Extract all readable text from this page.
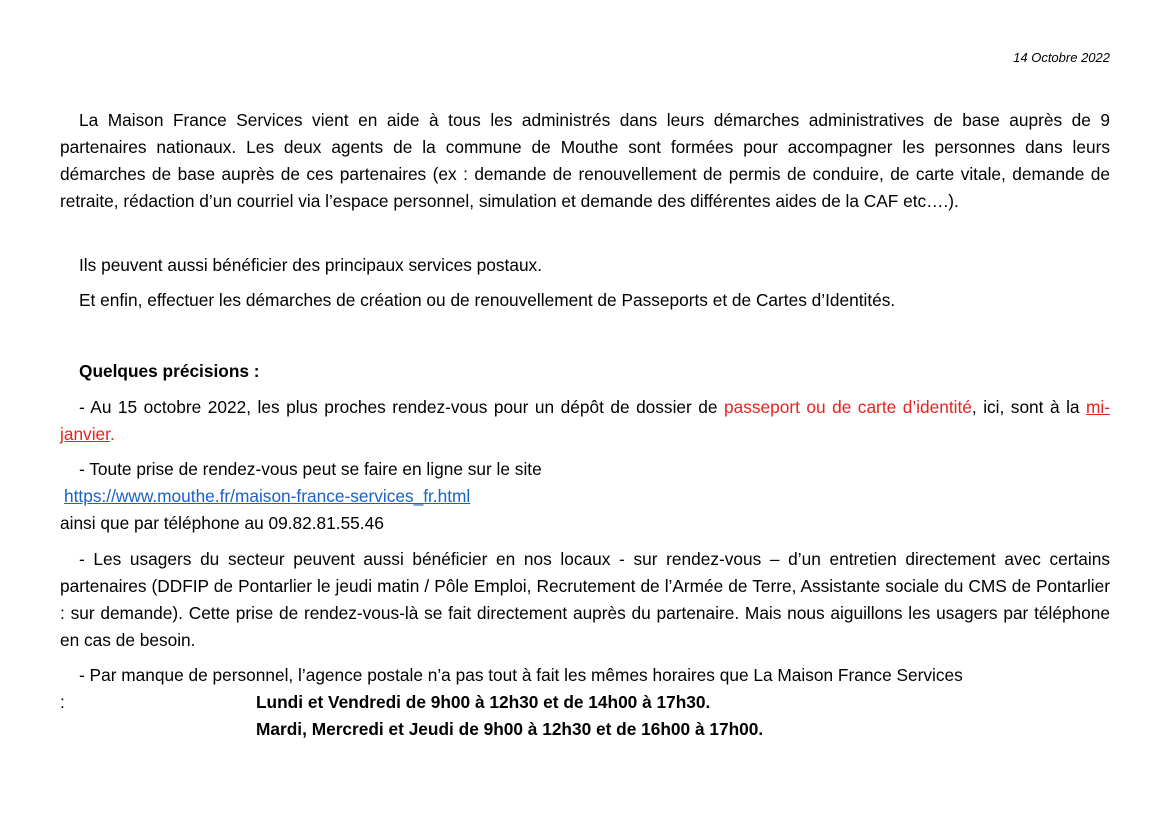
14 Octobre 2022

La Maison France Services vient en aide à tous les administrés dans leurs démarches administratives de base auprès de 9 partenaires nationaux. Les deux agents de la commune de Mouthe sont formées pour accompagner les personnes dans leurs démarches de base auprès de ces partenaires (ex : demande de renouvellement de permis de conduire, de carte vitale, demande de retraite, rédaction d’un courriel via l’espace personnel, simulation et demande des différentes aides de la CAF etc….).

Ils peuvent aussi bénéficier des principaux services postaux.

Et enfin, effectuer les démarches de création ou de renouvellement de Passeports et de Cartes d’Identités.

Quelques précisions :

- Au 15 octobre 2022, les plus proches rendez-vous pour un dépôt de dossier de passeport ou de carte d’identité, ici, sont à la mi-janvier.

- Toute prise de rendez-vous peut se faire en ligne sur le site

https://www.mouthe.fr/maison-france-services_fr.html
ainsi que par téléphone au 09.82.81.55.46

- Les usagers du secteur peuvent aussi bénéficier en nos locaux - sur rendez-vous – d’un entretien directement avec certains partenaires (DDFIP de Pontarlier le jeudi matin / Pôle Emploi, Recrutement de l’Armée de Terre, Assistante sociale du CMS de Pontarlier : sur demande). Cette prise de rendez-vous-là se fait directement auprès du partenaire. Mais nous aiguillons les usagers par téléphone en cas de besoin.

- Par manque de personnel, l’agence postale n’a pas tout à fait les mêmes horaires que La Maison France Services

:	Lundi et Vendredi de 9h00 à 12h30 et de 14h00 à 17h30.
Mardi, Mercredi et Jeudi de 9h00 à 12h30 et de 16h00 à 17h00.
